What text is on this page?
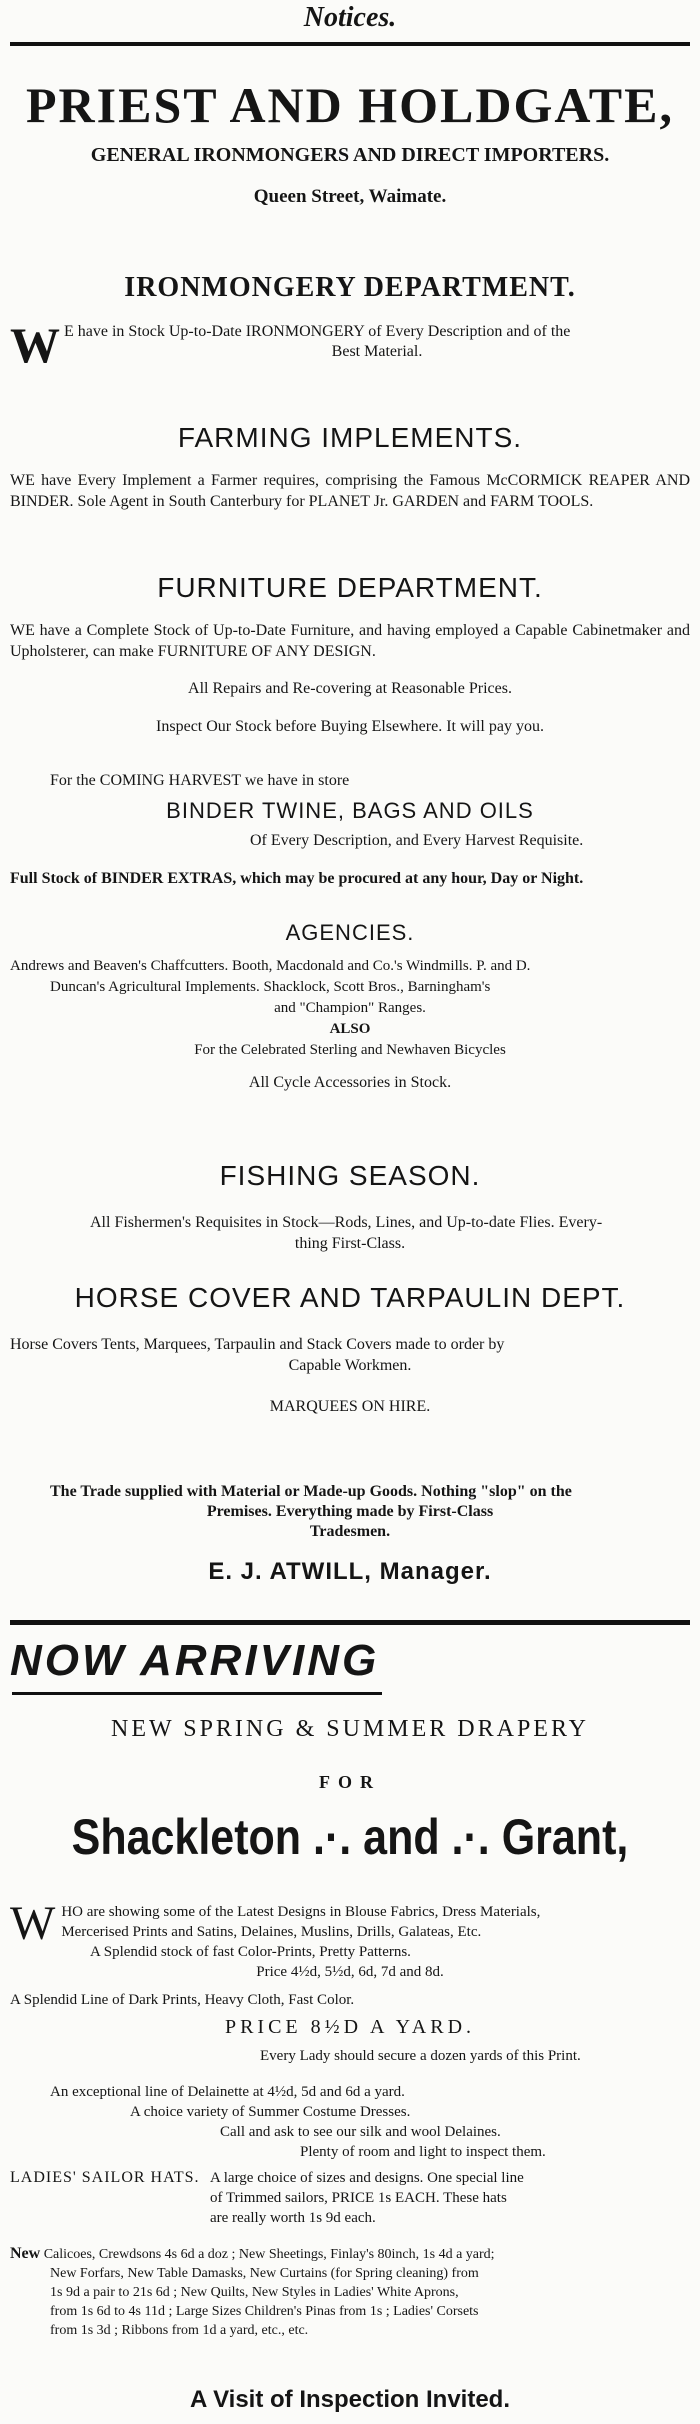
Notices.
PRIEST AND HOLDGATE,
GENERAL IRONMONGERS AND DIRECT IMPORTERS.
Queen Street, Waimate.
IRONMONGERY DEPARTMENT.
W E have in Stock Up-to-Date IRONMONGERY of Every Description and of the

Best Material.
FARMING IMPLEMENTS.
WE have Every Implement a Farmer requires, comprising the Famous McCORMICK REAPER AND BINDER. Sole Agent in South Canterbury for PLANET Jr. GARDEN and FARM TOOLS.
FURNITURE DEPARTMENT.
WE have a Complete Stock of Up-to-Date Furniture, and having employed a Capable Cabinetmaker and Upholsterer, can make FURNITURE OF ANY DESIGN.
All Repairs and Re-covering at Reasonable Prices.
Inspect Our Stock before Buying Elsewhere. It will pay you.
For the COMING HARVEST we have in store
BINDER TWINE, BAGS AND OILS
Of Every Description, and Every Harvest Requisite.
Full Stock of BINDER EXTRAS, which may be procured at any hour, Day or Night.
AGENCIES.
Andrews and Beaven's Chaffcutters. Booth, Macdonald and Co.'s Windmills. P. and D.
Duncan's Agricultural Implements. Shacklock, Scott Bros., Barningham's
and "Champion" Ranges.
ALSO
For the Celebrated Sterling and Newhaven Bicycles
All Cycle Accessories in Stock.
FISHING SEASON.
All Fishermen's Requisites in Stock—Rods, Lines, and Up-to-date Flies. Every-
thing First-Class.
HORSE COVER AND TARPAULIN DEPT.
Horse Covers Tents, Marquees, Tarpaulin and Stack Covers made to order by
Capable Workmen.
MARQUEES ON HIRE.
The Trade supplied with Material or Made-up Goods. Nothing "slop" on the
Premises. Everything made by First-Class
Tradesmen.
E. J. ATWILL, Manager.
NOW ARRIVING
NEW SPRING & SUMMER DRAPERY
FOR
Shackleton .·. and .·. Grant,
W HO are showing some of the Latest Designs in Blouse Fabrics, Dress Materials,
Mercerised Prints and Satins, Delaines, Muslins, Drills, Galateas, Etc.
A Splendid stock of fast Color-Prints, Pretty Patterns.
Price 4½d, 5½d, 6d, 7d and 8d.
A Splendid Line of Dark Prints, Heavy Cloth, Fast Color.
PRICE 8½D A YARD.
Every Lady should secure a dozen yards of this Print.
An exceptional line of Delainette at 4½d, 5d and 6d a yard.
A choice variety of Summer Costume Dresses.
Call and ask to see our silk and wool Delaines.
Plenty of room and light to inspect them.
LADIES' SAILOR HATS. A large choice of sizes and designs. One special line
of Trimmed sailors, PRICE 1s EACH. These hats
are really worth 1s 9d each.
New Calicoes, Crewdsons 4s 6d a doz ; New Sheetings, Finlay's 80inch, 1s 4d a yard;
New Forfars, New Table Damasks, New Curtains (for Spring cleaning) from
1s 9d a pair to 21s 6d ; New Quilts, New Styles in Ladies' White Aprons,
from 1s 6d to 4s 11d ; Large Sizes Children's Pinas from 1s ; Ladies' Corsets
from 1s 3d ; Ribbons from 1d a yard, etc., etc.
A Visit of Inspection Invited.
